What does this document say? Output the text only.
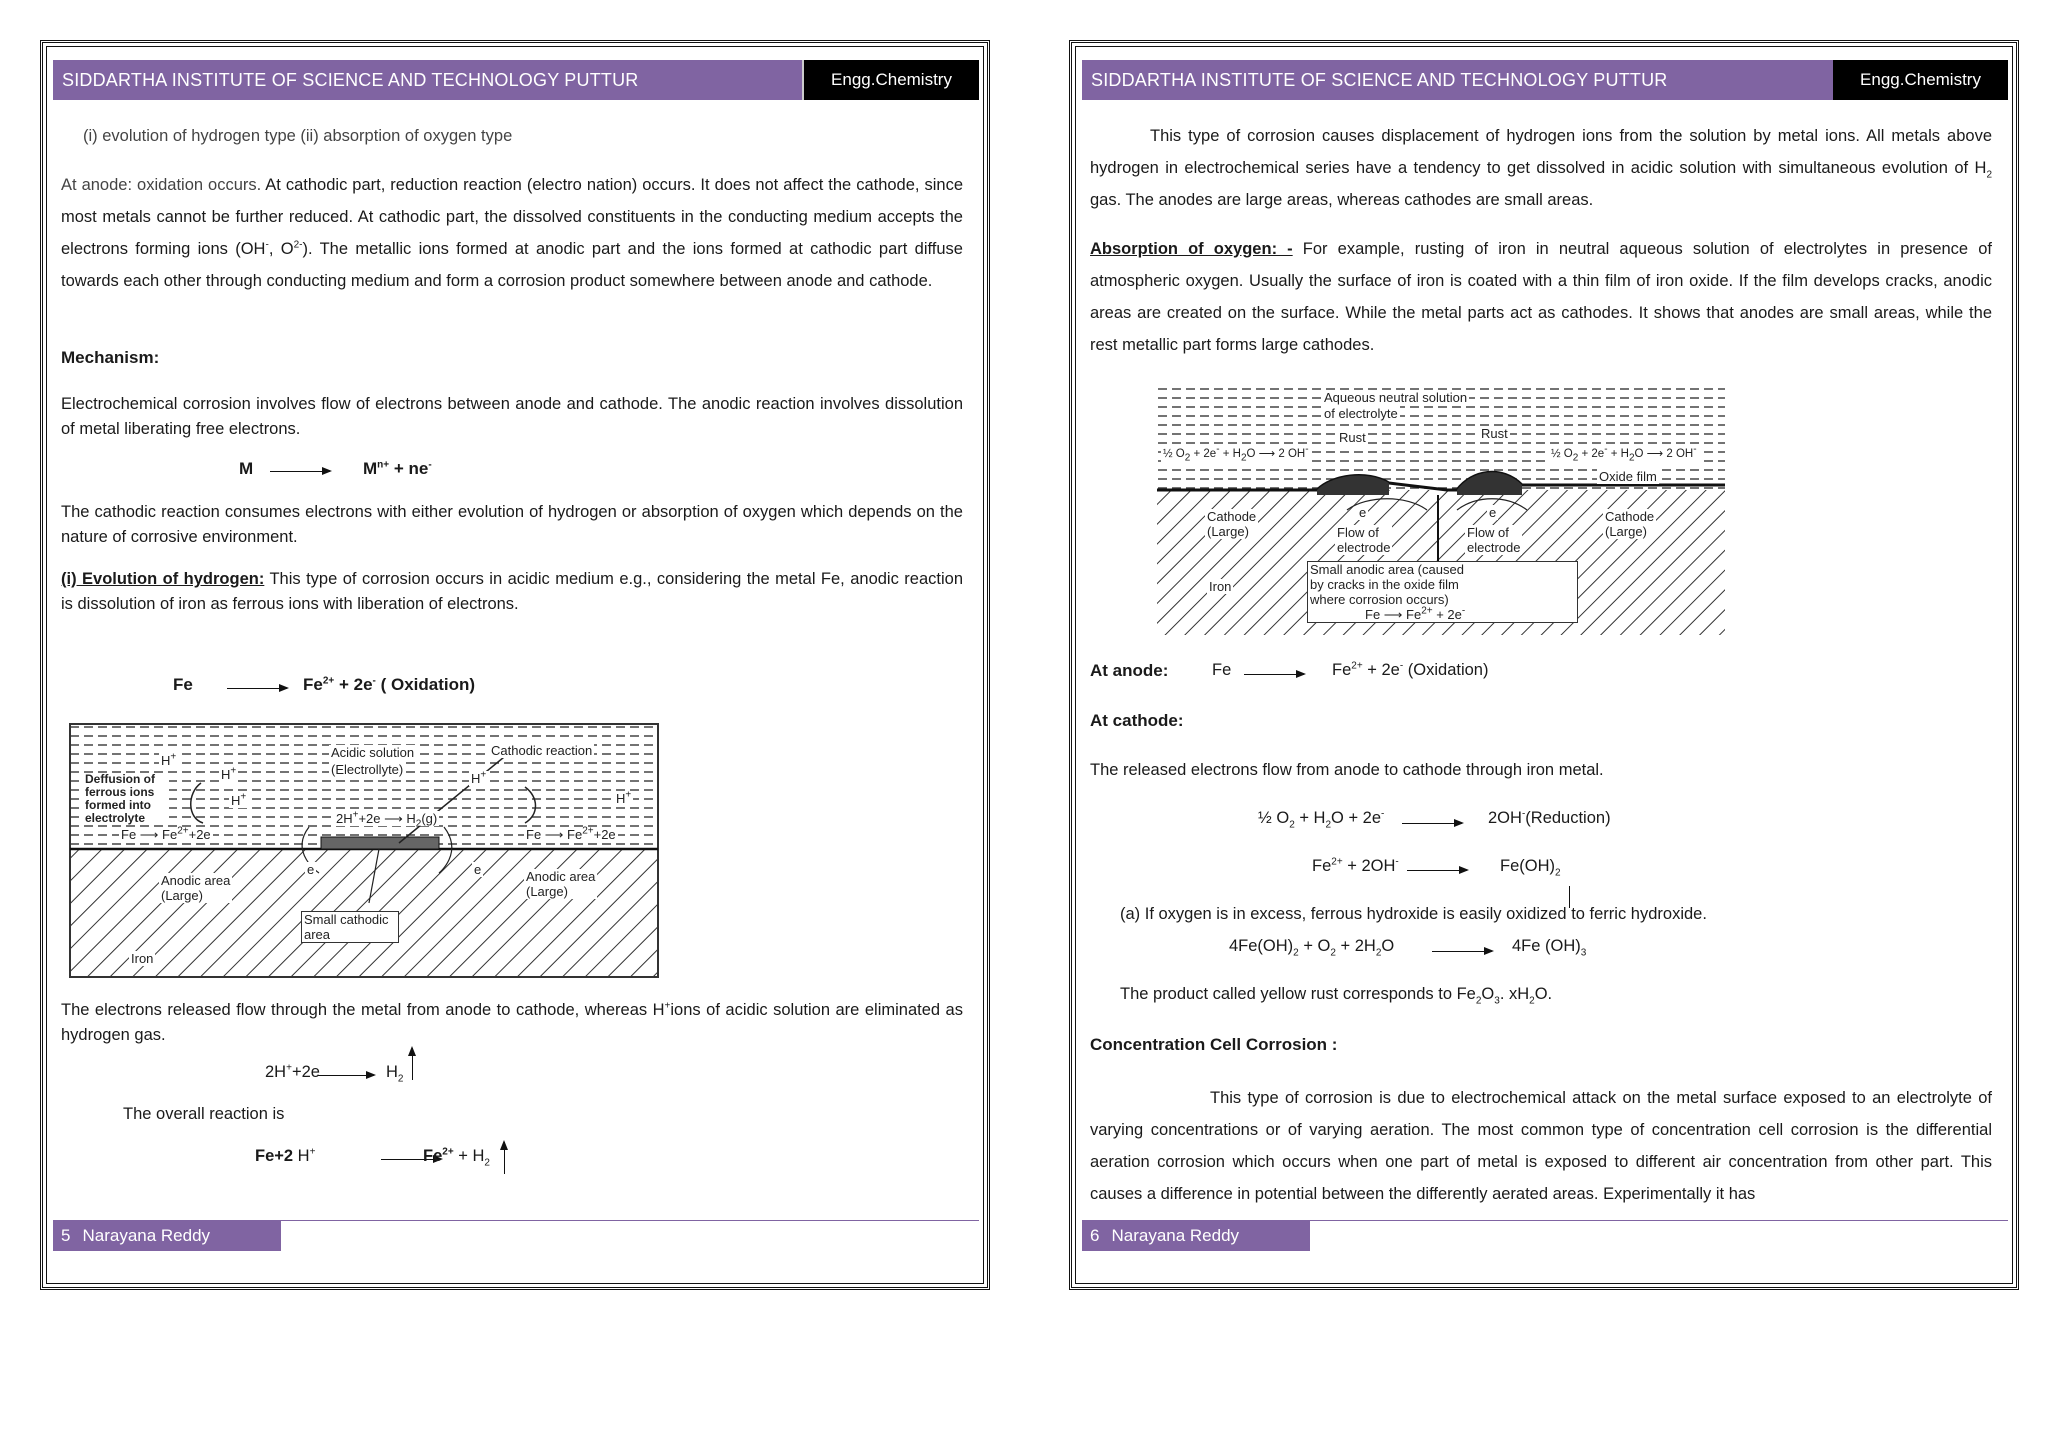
SIDDARTHA INSTITUTE OF SCIENCE AND TECHNOLOGY PUTTUR	Engg.Chemistry
(i) evolution of hydrogen type (ii) absorption of oxygen type
At anode: oxidation occurs. At cathodic part, reduction reaction (electro nation) occurs. It does not affect the cathode, since most metals cannot be further reduced. At cathodic part, the dissolved constituents in the conducting medium accepts the electrons forming ions (OH-, $O^{2-}$). The metallic ions formed at anodic part and the ions formed at cathodic part diffuse towards each other through conducting medium and form a corrosion product somewhere between anode and cathode.
Mechanism:
Electrochemical corrosion involves flow of electrons between anode and cathode. The anodic reaction involves dissolution of metal liberating free electrons.
$M \to M^{n+} + ne^-$
The cathodic reaction consumes electrons with either evolution of hydrogen or absorption of oxygen which depends on the nature of corrosive environment.
(i) Evolution of hydrogen: This type of corrosion occurs in acidic medium e.g., considering the metal Fe, anodic reaction is dissolution of iron as ferrous ions with liberation of electrons.
$Fe \to Fe^{2+} + 2e^-$ ( Oxidation)
Acidic solution
(Electrollyte)
Cathodic reaction
Deffusion of ferrous ions formed into electrolyte
H+
H+
H+
H+
H+
Fe ⟶ $Fe^{2+}+2e$	Fe ⟶ $Fe^{2+}+2e$
2H++2e ⟶ $H_2(g)$
Anodic area
(Large)
Anodic area
(Large)
Small cathodic area
Iron
e	e
The electrons released flow through the metal from anode to cathode, whereas H+ions of acidic solution are eliminated as hydrogen gas.
$2H^++2e \to H_2$
The overall reaction is
Fe+2 H+	$Fe^{2+} + H_2$
5 Narayana Reddy
SIDDARTHA INSTITUTE OF SCIENCE AND TECHNOLOGY PUTTUR	Engg.Chemistry
This type of corrosion causes displacement of hydrogen ions from the solution by metal ions. All metals above hydrogen in electrochemical series have a tendency to get dissolved in acidic solution with simultaneous evolution of $H_2$ gas. The anodes are large areas, whereas cathodes are small areas.
Absorption of oxygen: - For example, rusting of iron in neutral aqueous solution of electrolytes in presence of atmospheric oxygen. Usually the surface of iron is coated with a thin film of iron oxide. If the film develops cracks, anodic areas are created on the surface. While the metal parts act as cathodes. It shows that anodes are small areas, while the rest metallic part forms large cathodes.
Aqueous neutral solution
of electrolyte
Rust	Rust
½ $O_2 + 2e^- + H_2O$ ⟶ 2 OH-	½ $O_2 + 2e^- + H_2O$ ⟶ 2 OH-
Oxide film
Cathode
(Large)
Cathode
(Large)
Flow of
electrode
Flow of
electrode
Iron
e	e
Small anodic area (caused
by cracks in the oxide film
where corrosion occurs)
Fe ⟶ $Fe^{2+} + 2e^-$
At anode:	$Fe \to Fe^{2+} + 2e^-$ (Oxidation)
At cathode:
The released electrons flow from anode to cathode through iron metal.
½ $O_2 + H_2O + 2e^-$	2OH-(Reduction)
$Fe^{2+} + 2OH^-$	$Fe(OH)_2$
(a) If oxygen is in excess, ferrous hydroxide is easily oxidized to ferric hydroxide.
$4Fe(OH)_2 + O_2 + 2H_2O \to 4Fe$ $(OH)_3$
The product called yellow rust corresponds to $Fe_2O_3$. $xH_2O$.
Concentration Cell Corrosion :
This type of corrosion is due to electrochemical attack on the metal surface exposed to an electrolyte of varying concentrations or of varying aeration. The most common type of concentration cell corrosion is the differential aeration corrosion which occurs when one part of metal is exposed to different air concentration from other part. This causes a difference in potential between the differently aerated areas. Experimentally it has
6 Narayana Reddy
